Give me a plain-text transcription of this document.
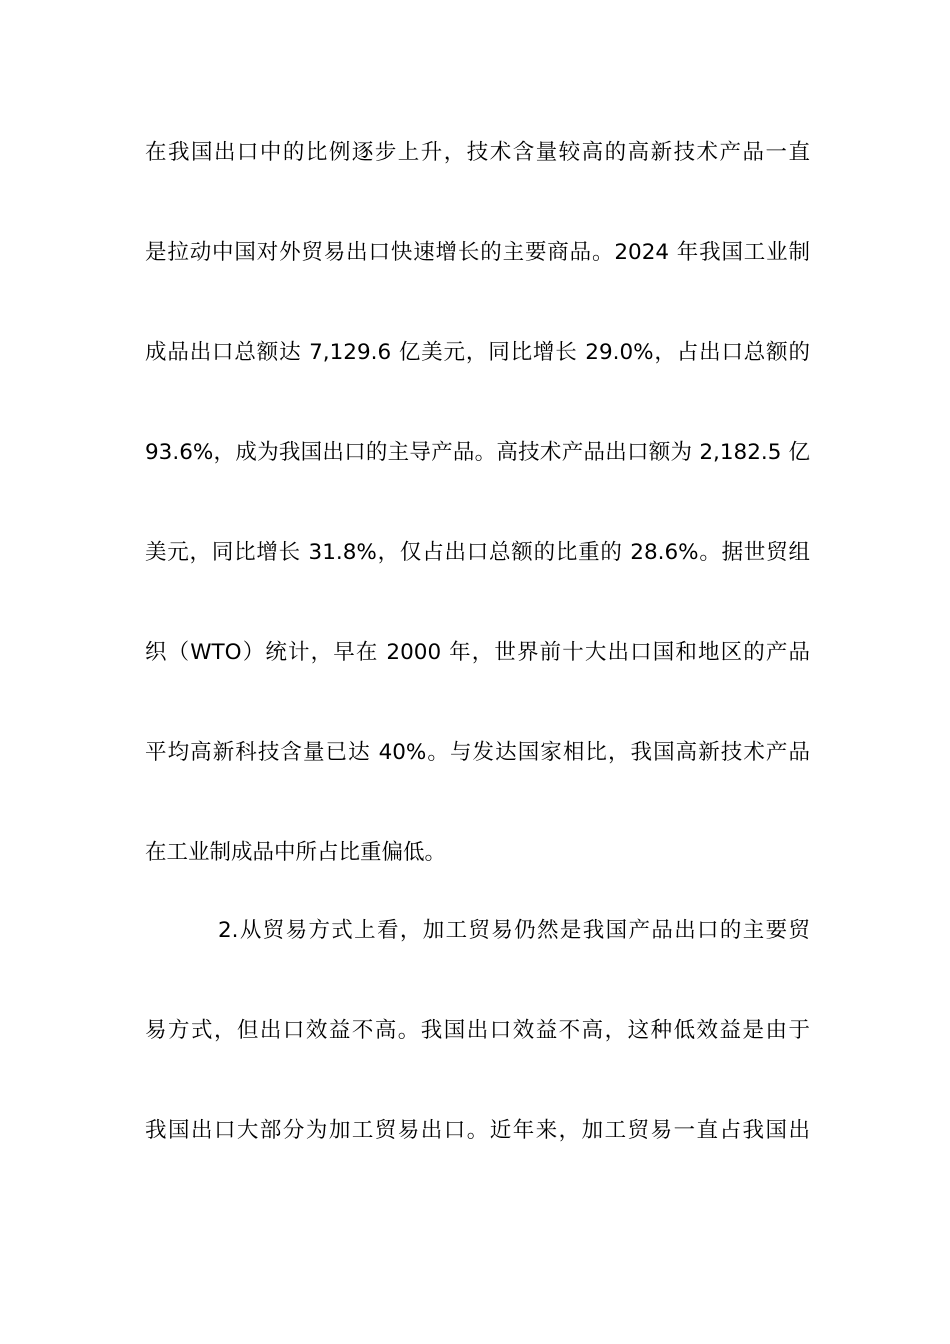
在我国出口中的比例逐步上升，技术含量较高的高新技术产品一直
是拉动中国对外贸易出口快速增长的主要商品。2024 年我国工业制
成品出口总额达 7,129.6 亿美元，同比增长 29.0%，占出口总额的
93.6%，成为我国出口的主导产品。高技术产品出口额为 2,182.5 亿
美元，同比增长 31.8%，仅占出口总额的比重的 28.6%。据世贸组
织（WTO）统计，早在 2000 年，世界前十大出口国和地区的产品
平均高新科技含量已达 40%。与发达国家相比，我国高新技术产品
在工业制成品中所占比重偏低。
2.从贸易方式上看，加工贸易仍然是我国产品出口的主要贸
易方式，但出口效益不高。我国出口效益不高，这种低效益是由于
我国出口大部分为加工贸易出口。近年来，加工贸易一直占我国出
